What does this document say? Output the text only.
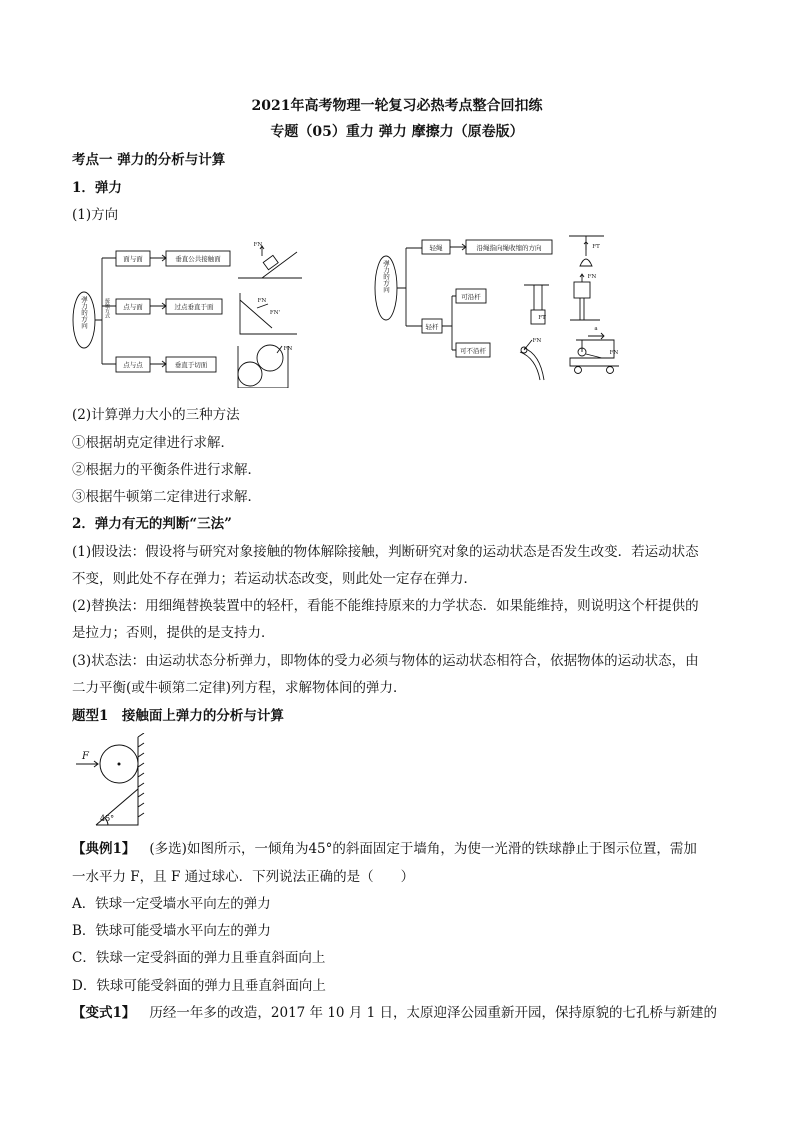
2021年高考物理一轮复习必热考点整合回扣练
专题（05）重力 弹力 摩擦力（原卷版）
考点一 弹力的分析与计算
1．弹力
(1)方向
弹力的方向	接触方式
面与面
点与面
点与点
垂直公共接触面
过点垂直于面
垂直于切面
FN
FN
FN'
FN
弹力的方向
轻绳	沿绳指向绳收缩的方向
轻杆
可沿杆
可不沿杆
FT
FT
FN
FN
a
FN
(2)计算弹力大小的三种方法
①根据胡克定律进行求解．
②根据力的平衡条件进行求解．
③根据牛顿第二定律进行求解．
2．弹力有无的判断“三法”
(1)假设法：假设将与研究对象接触的物体解除接触，判断研究对象的运动状态是否发生改变．若运动状态
不变，则此处不存在弹力；若运动状态改变，则此处一定存在弹力．
(2)替换法：用细绳替换装置中的轻杆，看能不能维持原来的力学状态．如果能维持，则说明这个杆提供的
是拉力；否则，提供的是支持力．
(3)状态法：由运动状态分析弹力，即物体的受力必须与物体的运动状态相符合，依据物体的运动状态，由
二力平衡(或牛顿第二定律)列方程，求解物体间的弹力．
题型1　接触面上弹力的分析与计算
F
45°
【典例1】 (多选)如图所示，一倾角为45°的斜面固定于墙角，为使一光滑的铁球静止于图示位置，需加
一水平力 F，且 F 通过球心．下列说法正确的是（　　）
A．铁球一定受墙水平向左的弹力
B．铁球可能受墙水平向左的弹力
C．铁球一定受斜面的弹力且垂直斜面向上
D．铁球可能受斜面的弹力且垂直斜面向上
【变式1】 历经一年多的改造，2017 年 10 月 1 日，太原迎泽公园重新开园，保持原貌的七孔桥与新建的
